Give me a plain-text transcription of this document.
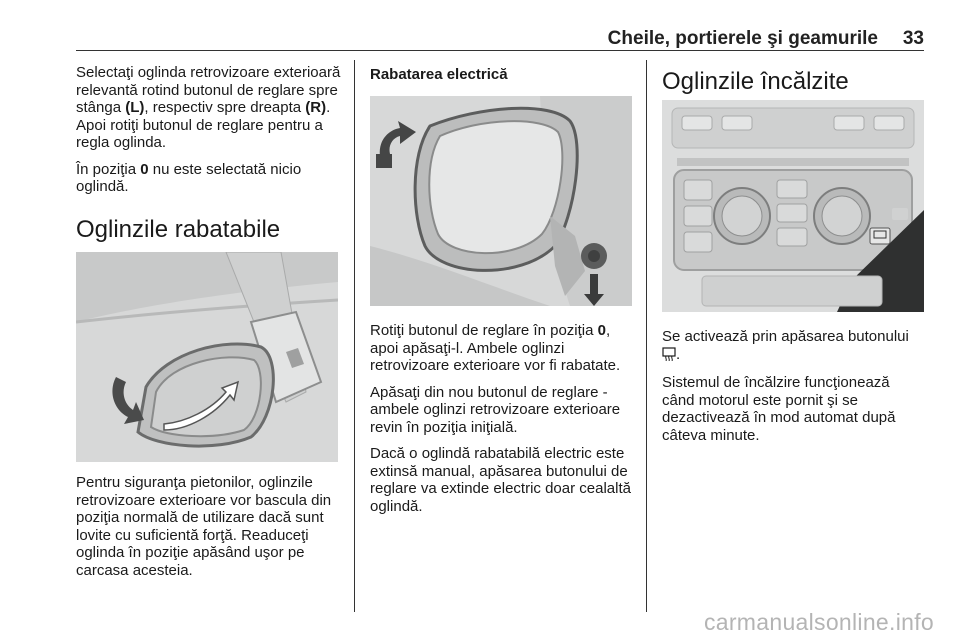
Cheile, portierele şi geamurile 33

Selectaţi oglinda retrovizoare exterioară relevantă rotind butonul de reglare spre stânga (L), respectiv spre dreapta (R). Apoi rotiţi butonul de reglare pentru a regla oglinda.

În poziţia 0 nu este selectată nicio oglindă.

Oglinzile rabatabile

Pentru siguranţa pietonilor, oglinzile retrovizoare exterioare vor bascula din poziţia normală de utilizare dacă sunt lovite cu suficientă forţă. Readuceţi oglinda în poziţie apăsând uşor pe carcasa acesteia.

Rabatarea electrică

Rotiţi butonul de reglare în poziţia 0, apoi apăsaţi-l. Ambele oglinzi retrovizoare exterioare vor fi rabatate.

Apăsaţi din nou butonul de reglare - ambele oglinzi retrovizoare exterioare revin în poziţia iniţială.

Dacă o oglindă rabatabilă electric este extinsă manual, apăsarea butonului de reglare va extinde electric doar cealaltă oglindă.

Oglinzile încălzite

Se activează prin apăsarea butonului .

Sistemul de încălzire funcţionează când motorul este pornit şi se dezactivează în mod automat după câteva minute.

carmanualsonline.info
